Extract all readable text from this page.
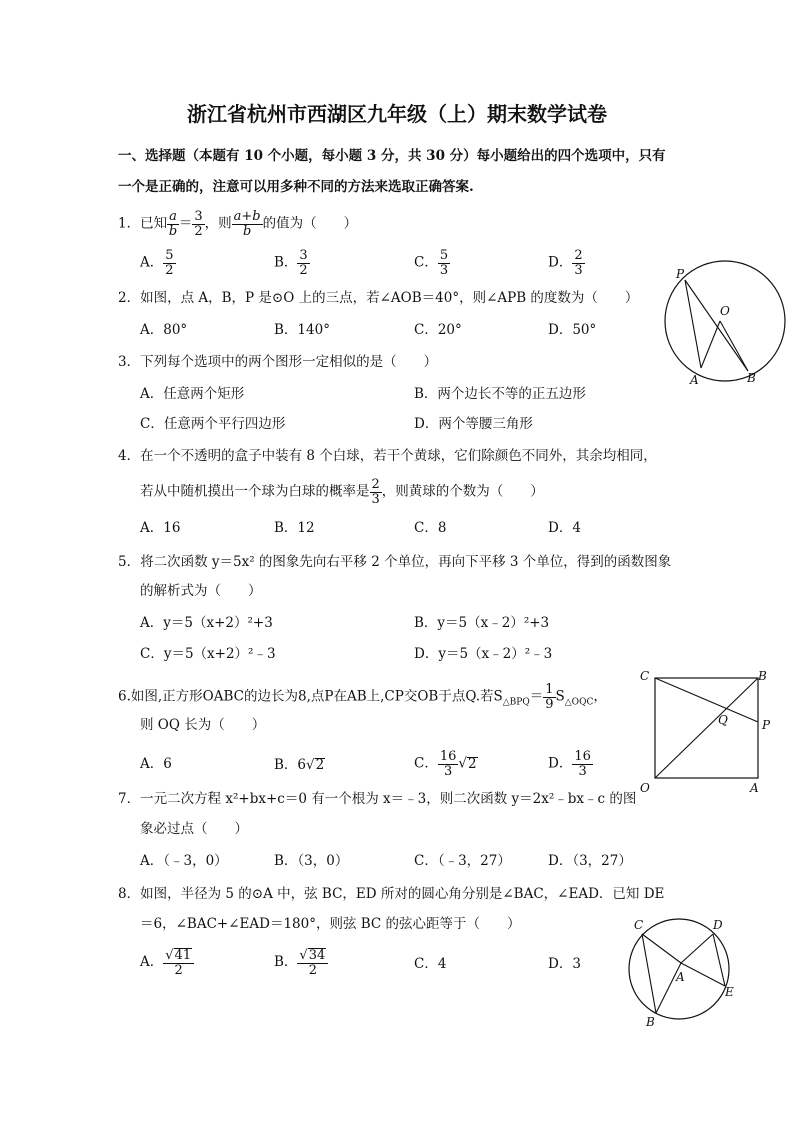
浙江省杭州市西湖区九年级（上）期末数学试卷
一、选择题（本题有 10 个小题，每小题 3 分，共 30 分）每小题给出的四个选项中，只有
一个是正确的，注意可以用多种不同的方法来选取正确答案.
1．已知 $\frac{a}{b} = \frac{3}{2}$ ，则 $\frac{a+b}{b}$ 的值为（　　）
A． $\frac{5}{2}$	B． $\frac{3}{2}$	C． $\frac{5}{3}$	D． $\frac{2}{3}$
2．如图，点 A，B，P 是⊙O 上的三点，若∠AOB＝40°，则∠APB 的度数为（　　）
A．80°	B．140°	C．20°	D．50°
P
O
A	B
3．下列每个选项中的两个图形一定相似的是（　　）
A．任意两个矩形	B．两个边长不等的正五边形
C．任意两个平行四边形	D．两个等腰三角形
4．在一个不透明的盒子中装有 8 个白球，若干个黄球，它们除颜色不同外，其余均相同，
若从中随机摸出一个球为白球的概率是 $\frac{2}{3}$ ，则黄球的个数为（　　）
A．16	B．12	C．8	D．4
5．将二次函数 y＝5x² 的图象先向右平移 2 个单位，再向下平移 3 个单位，得到的函数图象
的解析式为（　　）
A．y＝5（x+2）²+3	B．y＝5（x﹣2）²+3
C．y＝5（x+2）²﹣3	D．y＝5（x﹣2）²﹣3
6.如图,正方形OABC的边长为8,点P在AB上,CP交OB于点Q.若$S_{\triangle BPQ}= \frac{1}{9} S_{\triangle OQC}$，
则 OQ 长为（　　）
A．6	B．6√2	C． $\frac{16}{3} √2$	D． $\frac{16}{3}$
C	B
Q	P
O	A
7．一元二次方程 x²+bx+c＝0 有一个根为 x＝﹣3，则二次函数 y＝2x²﹣bx﹣c 的图
象必过点（　　）
A．（﹣3，0）	B．（3，0）	C．（﹣3，27）	D．（3，27）
8．如图，半径为 5 的⊙A 中，弦 BC，ED 所对的圆心角分别是∠BAC，∠EAD．已知 DE
＝6，∠BAC+∠EAD＝180°，则弦 BC 的弦心距等于（　　）
A． $\frac{√41}{2}$	B． $\frac{√34}{2}$	C．4	D．3
C	D
A
E
B
